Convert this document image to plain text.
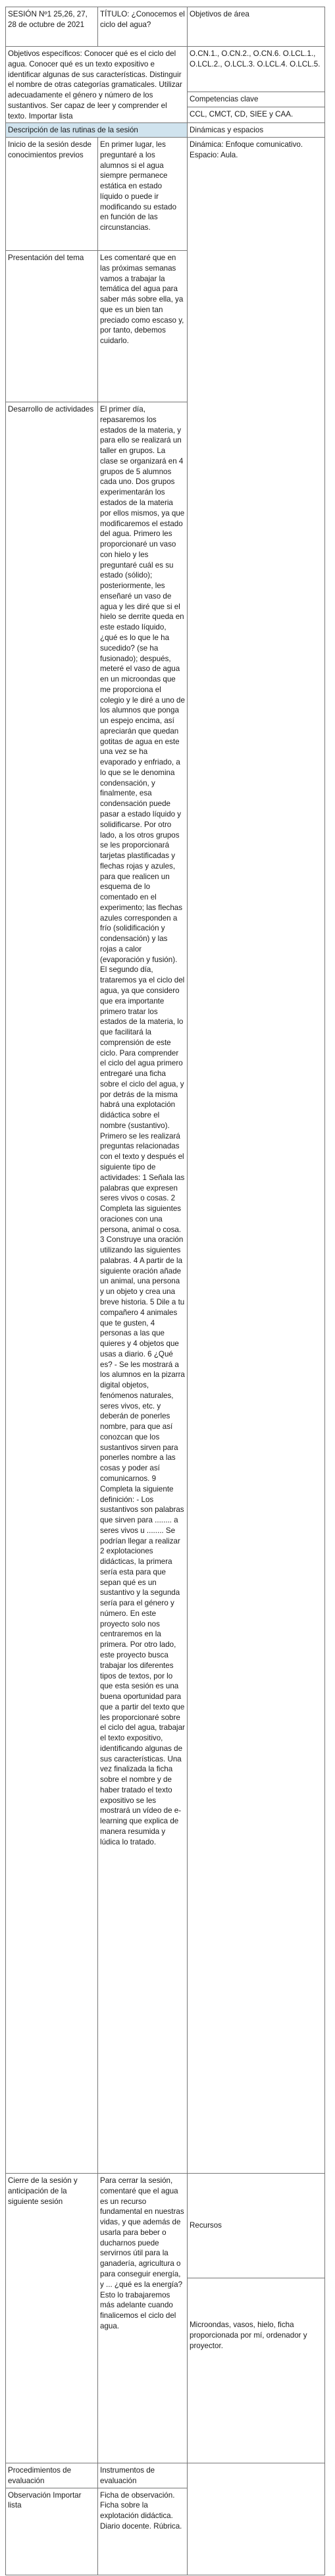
SESIÓN Nº1 25,26, 27, 28 de octubre de 2021	TÍTULO: ¿Conocemos el ciclo del agua?	Objetivos de área
Objetivos específicos: Conocer qué es el ciclo del agua. Conocer qué es un texto expositivo e identificar algunas de sus características. Distinguir el nombre de otras categorías gramaticales. Utilizar adecuadamente el género y número de los sustantivos. Ser capaz de leer y comprender el texto. Importar lista		O.CN.1., O.CN.2., O.CN.6. O.LCL.1., O.LCL.2., O.LCL.3. O.LCL.4. O.LCL.5.

		Competencias clave
CCL, CMCT, CD, SIEE y CAA.

Descripción de las rutinas de la sesión		Dinámicas y espacios
Inicio de la sesión desde conocimientos previos	En primer lugar, les preguntaré a los alumnos si el agua siempre permanece estática en estado líquido o puede ir modificando su estado en función de las circunstancias.	Dinámica: Enfoque comunicativo. Espacio: Aula.
Presentación del tema	Les comentaré que en las próximas semanas vamos a trabajar la temática del agua para saber más sobre ella, ya que es un bien tan preciado como escaso y, por tanto, debemos cuidarlo.	
Desarrollo de actividades	El primer día, repasaremos los estados de la materia, y para ello se realizará un taller en grupos. La clase se organizará en 4 grupos de 5 alumnos cada uno. Dos grupos experimentarán los estados de la materia por ellos mismos, ya que modificaremos el estado del agua. Primero les proporcionaré un vaso con hielo y les preguntaré cuál es su estado (sólido); posteriormente, les enseñaré un vaso de agua y les diré que si el hielo se derrite queda en este estado líquido, ¿qué es lo que le ha sucedido? (se ha fusionado); después, meteré el vaso de agua en un microondas que me proporciona el colegio y le diré a uno de los alumnos que ponga un espejo encima, así apreciarán que quedan gotitas de agua en este una vez se ha evaporado y enfriado, a lo que se le denomina condensación, y finalmente, esa condensación puede pasar a estado líquido y solidificarse. Por otro lado, a los otros grupos se les proporcionará tarjetas plastificadas y flechas rojas y azules, para que realicen un esquema de lo comentado en el experimento; las flechas azules corresponden a frío (solidificación y condensación) y las rojas a calor (evaporación y fusión). El segundo día, trataremos ya el ciclo del agua, ya que considero que era importante primero tratar los estados de la materia, lo que facilitará la comprensión de este ciclo. Para comprender el ciclo del agua primero entregaré una ficha sobre el ciclo del agua, y por detrás de la misma habrá una explotación didáctica sobre el nombre (sustantivo). Primero se les realizará preguntas relacionadas con el texto y después el siguiente tipo de actividades: 1 Señala las palabras que expresen seres vivos o cosas. 2 Completa las siguientes oraciones con una persona, animal o cosa. 3 Construye una oración utilizando las siguientes palabras. 4 A partir de la siguiente oración añade un animal, una persona y un objeto y crea una breve historia. 5 Dile a tu compañero 4 animales que te gusten, 4 personas a las que quieres y 4 objetos que usas a diario. 6 ¿Qué es? - Se les mostrará a los alumnos en la pizarra digital objetos, fenómenos naturales, seres vivos, etc. y deberán de ponerles nombre, para que así conozcan que los sustantivos sirven para ponerles nombre a las cosas y poder así comunicarnos. 9 Completa la siguiente definición: - Los sustantivos son palabras que sirven para ........ a seres vivos u ........ Se podrían llegar a realizar 2 explotaciones didácticas, la primera sería esta para que sepan qué es un sustantivo y la segunda sería para el género y número. En este proyecto solo nos centraremos en la primera. Por otro lado, este proyecto busca trabajar los diferentes tipos de textos, por lo que esta sesión es una buena oportunidad para que a partir del texto que les proporcionaré sobre el ciclo del agua, trabajar el texto expositivo, identificando algunas de sus características. Una vez finalizada la ficha sobre el nombre y de haber tratado el texto expositivo se les mostrará un vídeo de e-learning que explica de manera resumida y lúdica lo tratado.	
Cierre de la sesión y anticipación de la siguiente sesión	Para cerrar la sesión, comentaré que el agua es un recurso fundamental en nuestras vidas, y que además de usarla para beber o ducharnos puede servirnos útil para la ganadería, agricultura o para conseguir energía, y ... ¿qué es la energía? Esto lo trabajaremos más adelante cuando finalicemos el ciclo del agua.	Recursos
Microondas, vasos, hielo, ficha proporcionada por mí, ordenador y proyector.

Procedimientos de evaluación	Instrumentos de evaluación	
Observación Importar lista	Ficha de observación. Ficha sobre la explotación didáctica. Diario docente. Rúbrica.	
